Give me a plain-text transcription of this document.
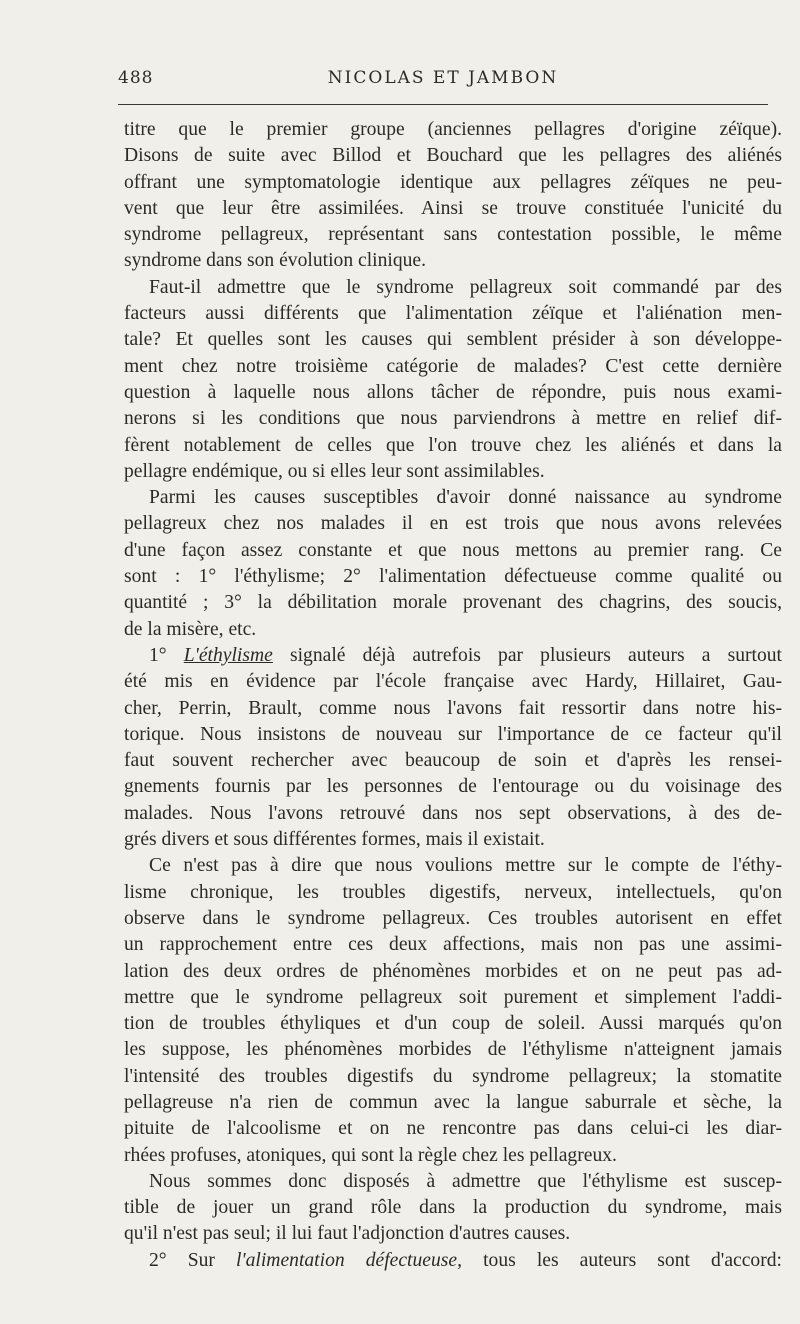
488	NICOLAS ET JAMBON
titre que le premier groupe (anciennes pellagres d'origine zéïque).
Disons de suite avec Billod et Bouchard que les pellagres des aliénés
offrant une symptomatologie identique aux pellagres zéïques ne peu-
vent que leur être assimilées. Ainsi se trouve constituée l'unicité du
syndrome pellagreux, représentant sans contestation possible, le même
syndrome dans son évolution clinique.
Faut-il admettre que le syndrome pellagreux soit commandé par des
facteurs aussi différents que l'alimentation zéïque et l'aliénation men-
tale? Et quelles sont les causes qui semblent présider à son développe-
ment chez notre troisième catégorie de malades? C'est cette dernière
question à laquelle nous allons tâcher de répondre, puis nous exami-
nerons si les conditions que nous parviendrons à mettre en relief dif-
fèrent notablement de celles que l'on trouve chez les aliénés et dans la
pellagre endémique, ou si elles leur sont assimilables.
Parmi les causes susceptibles d'avoir donné naissance au syndrome
pellagreux chez nos malades il en est trois que nous avons relevées
d'une façon assez constante et que nous mettons au premier rang. Ce
sont : 1° l'éthylisme; 2° l'alimentation défectueuse comme qualité ou
quantité ; 3° la débilitation morale provenant des chagrins, des soucis,
de la misère, etc.
1° L'éthylisme signalé déjà autrefois par plusieurs auteurs a surtout
été mis en évidence par l'école française avec Hardy, Hillairet, Gau-
cher, Perrin, Brault, comme nous l'avons fait ressortir dans notre his-
torique. Nous insistons de nouveau sur l'importance de ce facteur qu'il
faut souvent rechercher avec beaucoup de soin et d'après les rensei-
gnements fournis par les personnes de l'entourage ou du voisinage des
malades. Nous l'avons retrouvé dans nos sept observations, à des de-
grés divers et sous différentes formes, mais il existait.
Ce n'est pas à dire que nous voulions mettre sur le compte de l'éthy-
lisme chronique, les troubles digestifs, nerveux, intellectuels, qu'on
observe dans le syndrome pellagreux. Ces troubles autorisent en effet
un rapprochement entre ces deux affections, mais non pas une assimi-
lation des deux ordres de phénomènes morbides et on ne peut pas ad-
mettre que le syndrome pellagreux soit purement et simplement l'addi-
tion de troubles éthyliques et d'un coup de soleil. Aussi marqués qu'on
les suppose, les phénomènes morbides de l'éthylisme n'atteignent jamais
l'intensité des troubles digestifs du syndrome pellagreux; la stomatite
pellagreuse n'a rien de commun avec la langue saburrale et sèche, la
pituite de l'alcoolisme et on ne rencontre pas dans celui-ci les diar-
rhées profuses, atoniques, qui sont la règle chez les pellagreux.
Nous sommes donc disposés à admettre que l'éthylisme est suscep-
tible de jouer un grand rôle dans la production du syndrome, mais
qu'il n'est pas seul; il lui faut l'adjonction d'autres causes.
2° Sur l'alimentation défectueuse, tous les auteurs sont d'accord:
